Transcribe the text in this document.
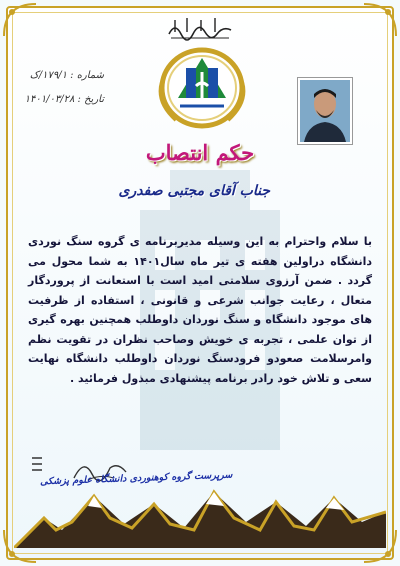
شماره : ۱۷۹/۱/ک
تاریخ : ۱۴۰۱/۰۳/۲۸
حکم انتصاب
جناب آقای مجتبی صفدری
با سلام واحترام به این وسیله مدیربرنامه ی گروه سنگ نوردی دانشگاه دراولین هفته ی تیر ماه سال۱۴۰۱ به شما محول می گردد . ضمن آرزوی سلامتی امید است با استعانت از پروردگار متعال ، رعایت جوانب شرعی و قانونی ، استفاده از ظرفیت های موجود دانشگاه و سنگ نوردان داوطلب همچنین بهره گیری از توان علمی ، تجربه ی خویش وصاحب نظران در تقویت نظم وامرسلامت صعودو فرودسنگ نوردان داوطلب دانشگاه نهایت سعی و تلاش خود رادر برنامه پیشنهادی مبذول فرمائید .
سرپرست گروه کوهنوردی دانشگاه علوم پزشکی
